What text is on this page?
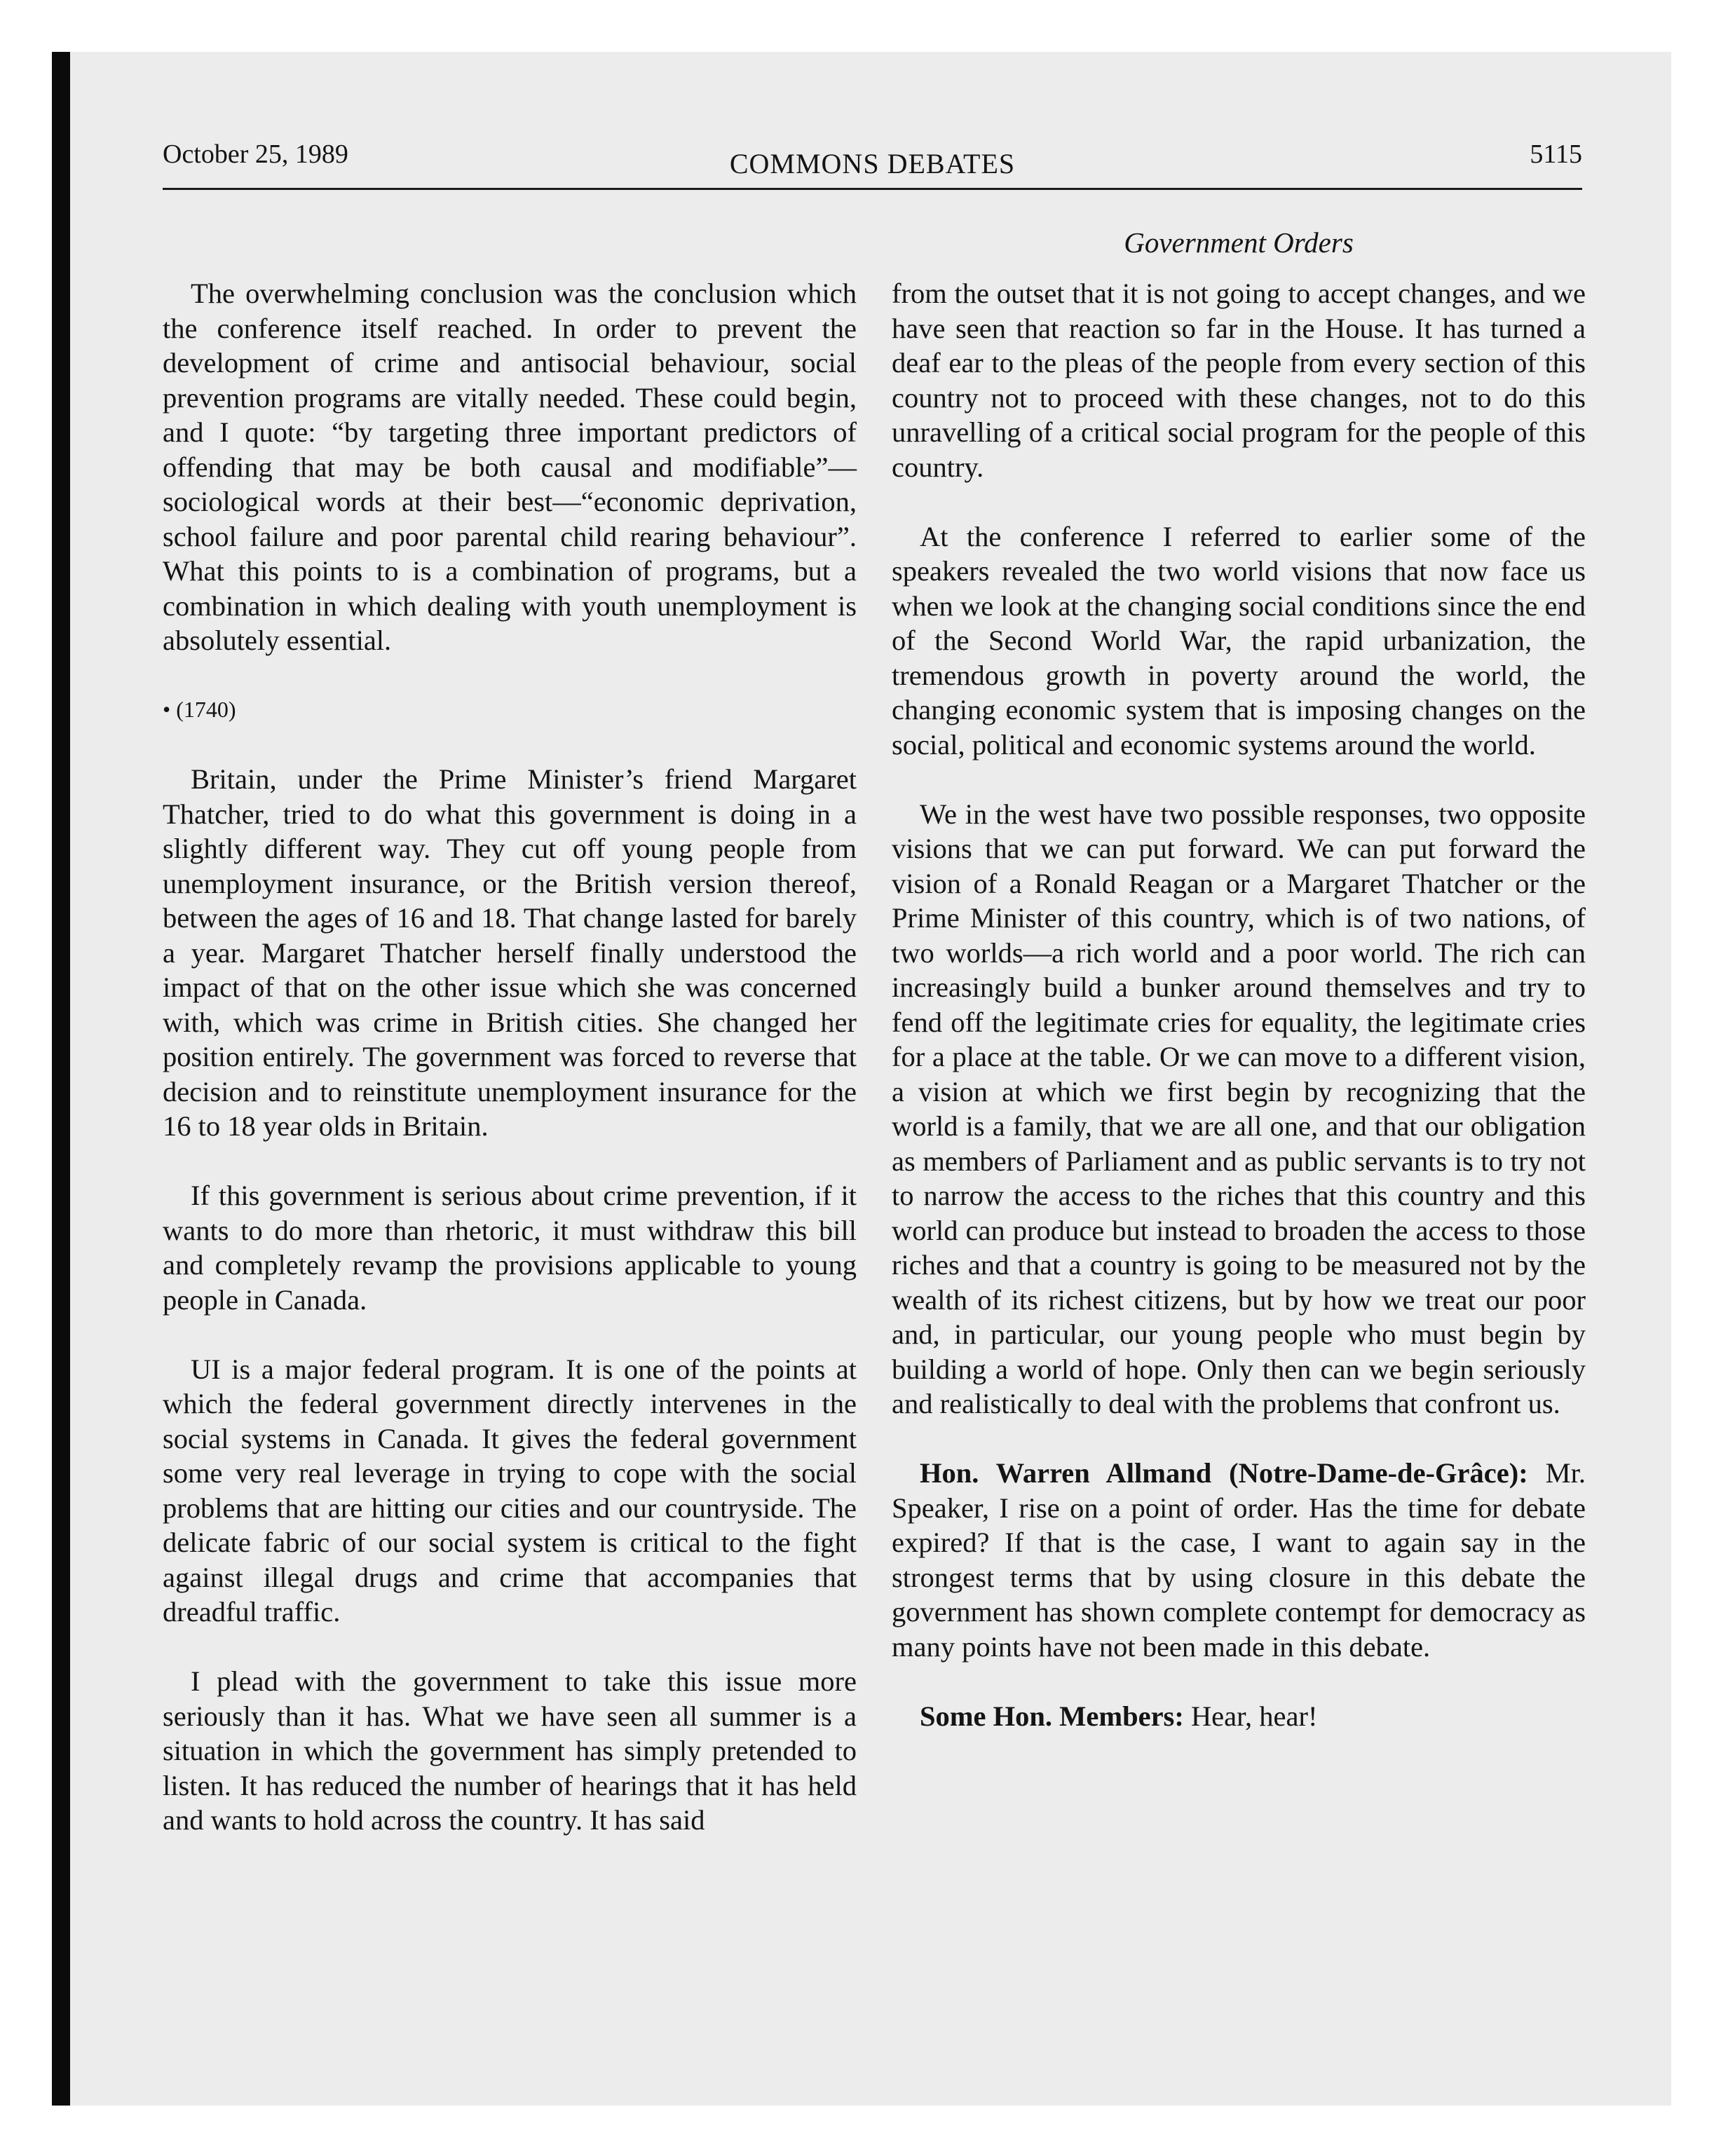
October 25, 1989	COMMONS DEBATES	5115
Government Orders

The overwhelming conclusion was the conclusion which the conference itself reached. In order to prevent the development of crime and antisocial behaviour, social prevention programs are vitally needed. These could begin, and I quote: “by targeting three important predictors of offending that may be both causal and modifiable”—sociological words at their best—“economic deprivation, school failure and poor parental child rearing behaviour”. What this points to is a combination of programs, but a combination in which dealing with youth unemployment is absolutely essential.

• (1740)

Britain, under the Prime Minister’s friend Margaret Thatcher, tried to do what this government is doing in a slightly different way. They cut off young people from unemployment insurance, or the British version thereof, between the ages of 16 and 18. That change lasted for barely a year. Margaret Thatcher herself finally understood the impact of that on the other issue which she was concerned with, which was crime in British cities. She changed her position entirely. The government was forced to reverse that decision and to reinstitute unemployment insurance for the 16 to 18 year olds in Britain.

If this government is serious about crime prevention, if it wants to do more than rhetoric, it must withdraw this bill and completely revamp the provisions applicable to young people in Canada.

UI is a major federal program. It is one of the points at which the federal government directly intervenes in the social systems in Canada. It gives the federal government some very real leverage in trying to cope with the social problems that are hitting our cities and our countryside. The delicate fabric of our social system is critical to the fight against illegal drugs and crime that accompanies that dreadful traffic.

I plead with the government to take this issue more seriously than it has. What we have seen all summer is a situation in which the government has simply pretended to listen. It has reduced the number of hearings that it has held and wants to hold across the country. It has said

from the outset that it is not going to accept changes, and we have seen that reaction so far in the House. It has turned a deaf ear to the pleas of the people from every section of this country not to proceed with these changes, not to do this unravelling of a critical social program for the people of this country.

At the conference I referred to earlier some of the speakers revealed the two world visions that now face us when we look at the changing social conditions since the end of the Second World War, the rapid urbanization, the tremendous growth in poverty around the world, the changing economic system that is imposing changes on the social, political and economic systems around the world.

We in the west have two possible responses, two opposite visions that we can put forward. We can put forward the vision of a Ronald Reagan or a Margaret Thatcher or the Prime Minister of this country, which is of two nations, of two worlds—a rich world and a poor world. The rich can increasingly build a bunker around themselves and try to fend off the legitimate cries for equality, the legitimate cries for a place at the table. Or we can move to a different vision, a vision at which we first begin by recognizing that the world is a family, that we are all one, and that our obligation as members of Parliament and as public servants is to try not to narrow the access to the riches that this country and this world can produce but instead to broaden the access to those riches and that a country is going to be measured not by the wealth of its richest citizens, but by how we treat our poor and, in particular, our young people who must begin by building a world of hope. Only then can we begin seriously and realistically to deal with the problems that confront us.

Hon. Warren Allmand (Notre-Dame-de-Grâce): Mr. Speaker, I rise on a point of order. Has the time for debate expired? If that is the case, I want to again say in the strongest terms that by using closure in this debate the government has shown complete contempt for democracy as many points have not been made in this debate.

Some Hon. Members: Hear, hear!
